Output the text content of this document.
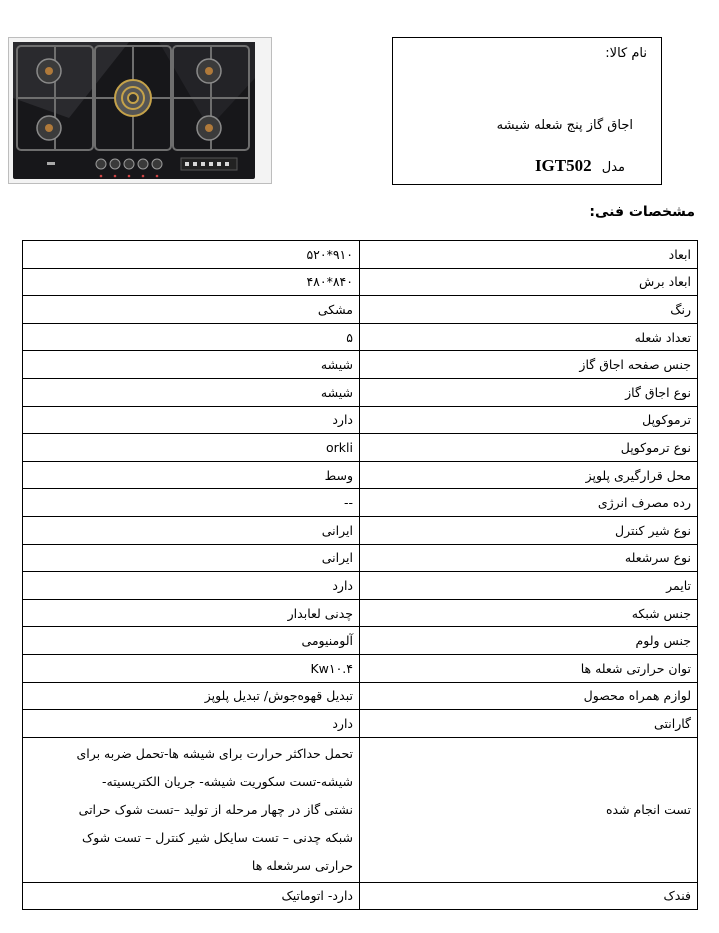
نام کالا:
اجاق گاز پنج شعله شیشه
مدل IGT502
مشخصات فنی:
ابعاد	۹۱۰*۵۲۰
ابعاد برش	۸۴۰*۴۸۰
رنگ	مشکی
تعداد شعله	۵
جنس صفحه اجاق گاز	شیشه
نوع اجاق گاز	شیشه
ترموکوپل	دارد
نوع ترموکوپل	orkli
محل قرارگیری پلوپز	وسط
رده مصرف انرژی	--
نوع شیر کنترل	ایرانی
نوع سرشعله	ایرانی
تایمر	دارد
جنس شبکه	چدنی لعابدار
جنس ولوم	آلومنیومی
توان حرارتی شعله ها	Kw۱۰.۴
لوازم همراه محصول	تبدیل قهوه‌جوش/ تبدیل پلوپز
گارانتی	دارد
تست انجام شده	تحمل حداکثر حرارت برای شیشه ها-تحمل ضربه برای
شیشه-تست سکوریت شیشه- جریان الکتریسیته-
نشتی گاز در چهار مرحله از تولید –تست شوک حراتی
شبکه چدنی – تست سایکل شیر کنترل – تست شوک
حرارتی سرشعله ها

فندک	دارد- اتوماتیک
